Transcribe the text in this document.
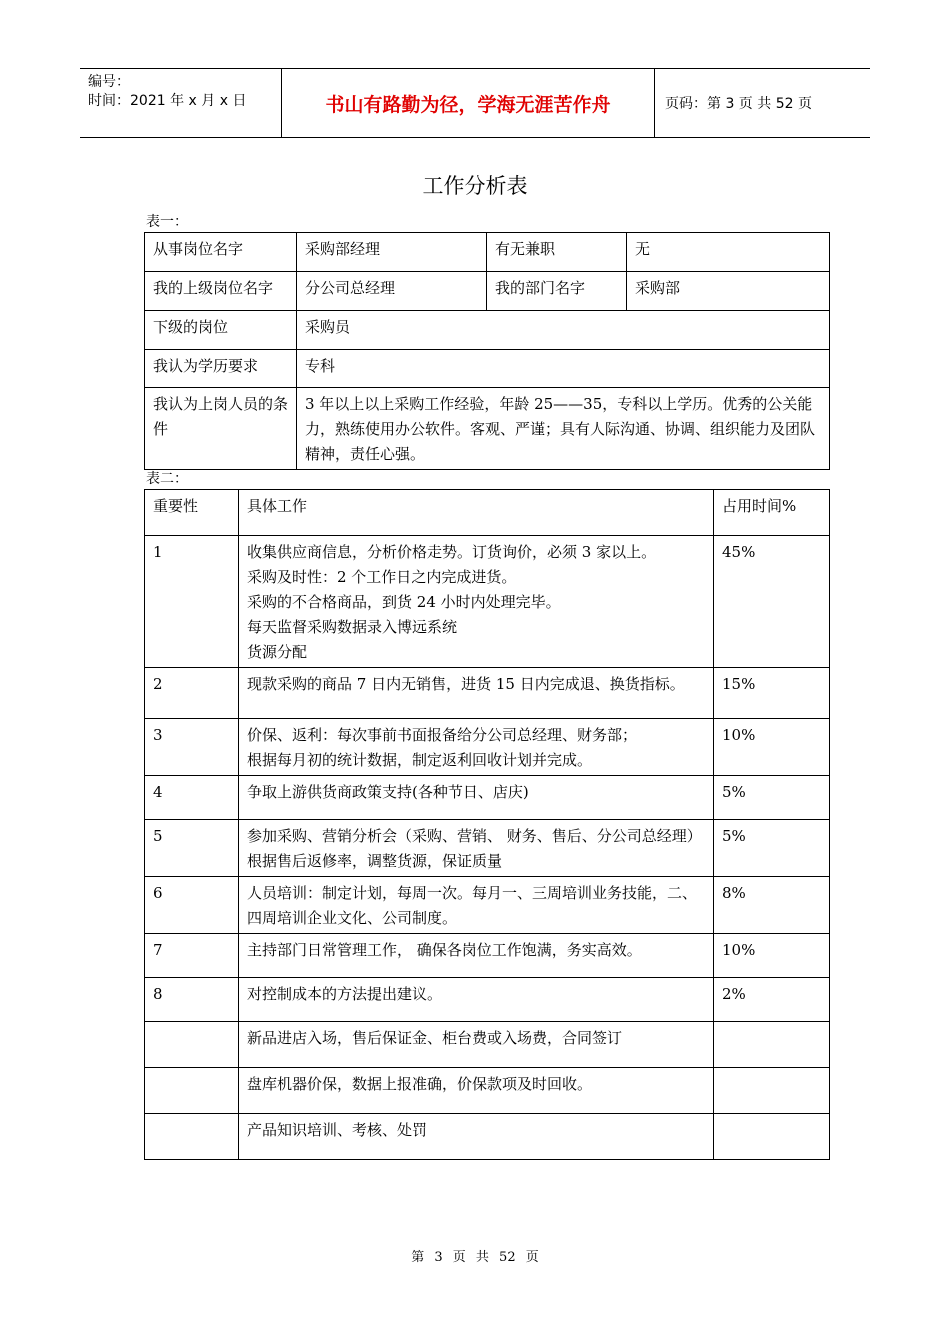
编号：
时间：2021 年 x 月 x 日	书山有路勤为径，学海无涯苦作舟	页码：第 3 页 共 52 页
工作分析表
表一：
从事岗位名字	采购部经理	有无兼职	无
我的上级岗位名字	分公司总经理	我的部门名字	采购部
下级的岗位	采购员		
我认为学历要求	专科		
我认为上岗人员的条件	3 年以上以上采购工作经验，年龄 25——35，专科以上学历。优秀的公关能力，熟练使用办公软件。客观、严谨；具有人际沟通、协调、组织能力及团队精神，责任心强。		
表二：
重要性	具体工作	占用时间%
1	收集供应商信息，分析价格走势。订货询价，必须 3 家以上。
采购及时性：2 个工作日之内完成进货。
采购的不合格商品，到货 24 小时内处理完毕。
每天监督采购数据录入博远系统
货源分配	45%
2	现款采购的商品 7 日内无销售，进货 15 日内完成退、换货指标。	15%
3	价保、返利：每次事前书面报备给分公司总经理、财务部；
根据每月初的统计数据，制定返利回收计划并完成。	10%
4	争取上游供货商政策支持(各种节日、店庆)	5%
5	参加采购、营销分析会（采购、营销、 财务、售后、分公司总经理）根据售后返修率，调整货源，保证质量	5%
6	人员培训：制定计划，每周一次。每月一、三周培训业务技能，二、四周培训企业文化、公司制度。	8%
7	主持部门日常管理工作， 确保各岗位工作饱满，务实高效。	10%
8	对控制成本的方法提出建议。	2%
	新品进店入场，售后保证金、柜台费或入场费，合同签订	
	盘库机器价保，数据上报准确，价保款项及时回收。	
	产品知识培训、考核、处罚	
第 3 页 共 52 页
